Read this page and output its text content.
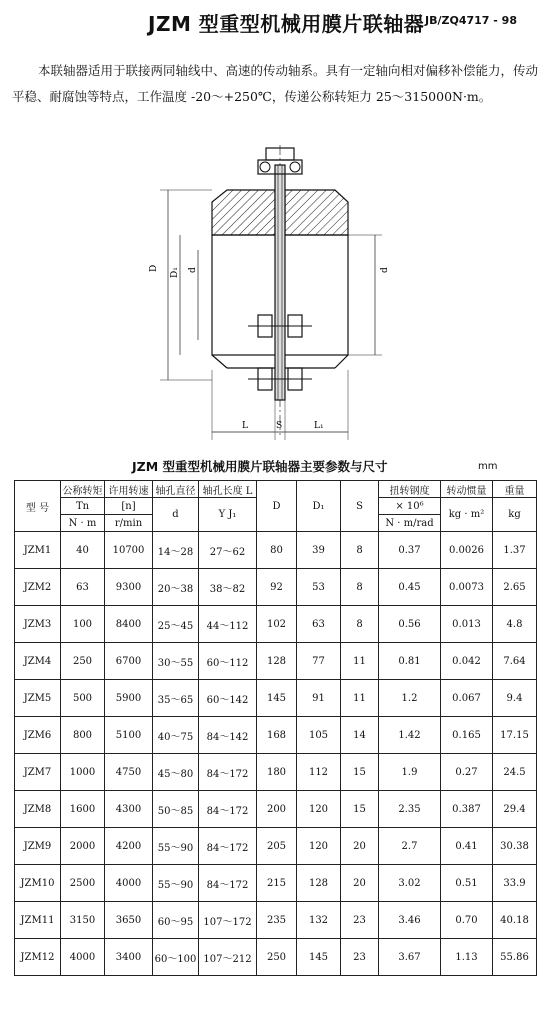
JZM 型重型机械用膜片联轴器 JB/ZQ4717 - 98
本联轴器适用于联接两同轴线中、高速的传动轴系。具有一定轴向相对偏移补偿能力，传动平稳、耐腐蚀等特点，工作温度 -20～+250℃，传递公称转矩力 25～315000N·m。
D D₁ d	d
L	S	L₁
JZM 型重型机械用膜片联轴器主要参数与尺寸	mm
型 号	公称转矩	许用转速	轴孔直径	轴孔长度 L	D	D₁	S	扭转钢度	转动惯量	重量
	Tn	[n]	d	Y J₁				× 10⁶	kg · m²	kg
	N · m	r/min						N · m/rad		
JZM1	40	10700	14～28	27～62	80	39	8	0.37	0.0026	1.37
JZM2	63	9300	20～38	38～82	92	53	8	0.45	0.0073	2.65
JZM3	100	8400	25～45	44～112	102	63	8	0.56	0.013	4.8
JZM4	250	6700	30～55	60～112	128	77	11	0.81	0.042	7.64
JZM5	500	5900	35～65	60～142	145	91	11	1.2	0.067	9.4
JZM6	800	5100	40～75	84～142	168	105	14	1.42	0.165	17.15
JZM7	1000	4750	45～80	84～172	180	112	15	1.9	0.27	24.5
JZM8	1600	4300	50～85	84～172	200	120	15	2.35	0.387	29.4
JZM9	2000	4200	55～90	84～172	205	120	20	2.7	0.41	30.38
JZM10	2500	4000	55～90	84～172	215	128	20	3.02	0.51	33.9
JZM11	3150	3650	60～95	107～172	235	132	23	3.46	0.70	40.18
JZM12	4000	3400	60～100	107～212	250	145	23	3.67	1.13	55.86
